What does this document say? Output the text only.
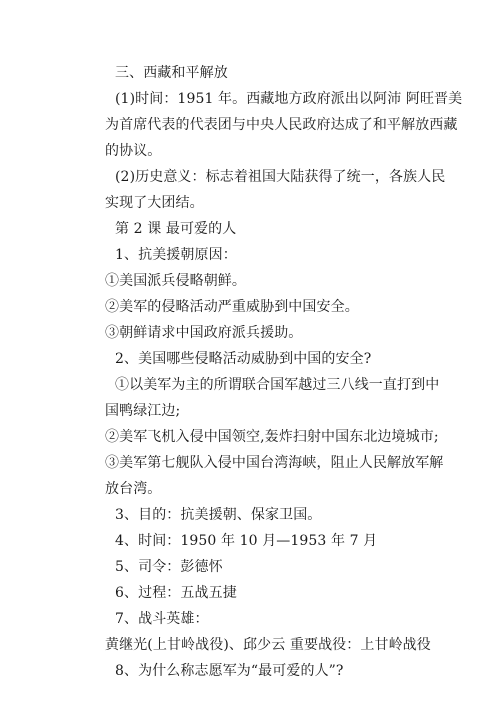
三、西藏和平解放

(1)时间：1951 年。西藏地方政府派出以阿沛 阿旺晋美

为首席代表的代表团与中央人民政府达成了和平解放西藏

的协议。

(2)历史意义：标志着祖国大陆获得了统一，各族人民

实现了大团结。

第 2 课 最可爱的人

1、抗美援朝原因：

①美国派兵侵略朝鲜。

②美军的侵略活动严重威胁到中国安全。

③朝鲜请求中国政府派兵援助。

2、美国哪些侵略活动威胁到中国的安全?

①以美军为主的所谓联合国军越过三八线一直打到中

国鸭绿江边;

②美军飞机入侵中国领空,轰炸扫射中国东北边境城市;

③美军第七舰队入侵中国台湾海峡，阻止人民解放军解

放台湾。

3、目的：抗美援朝、保家卫国。

4、时间：1950 年 10 月—1953 年 7 月

5、司令：彭德怀

6、过程：五战五捷

7、战斗英雄：

黄继光(上甘岭战役)、邱少云 重要战役：上甘岭战役

8、为什么称志愿军为“最可爱的人”?
